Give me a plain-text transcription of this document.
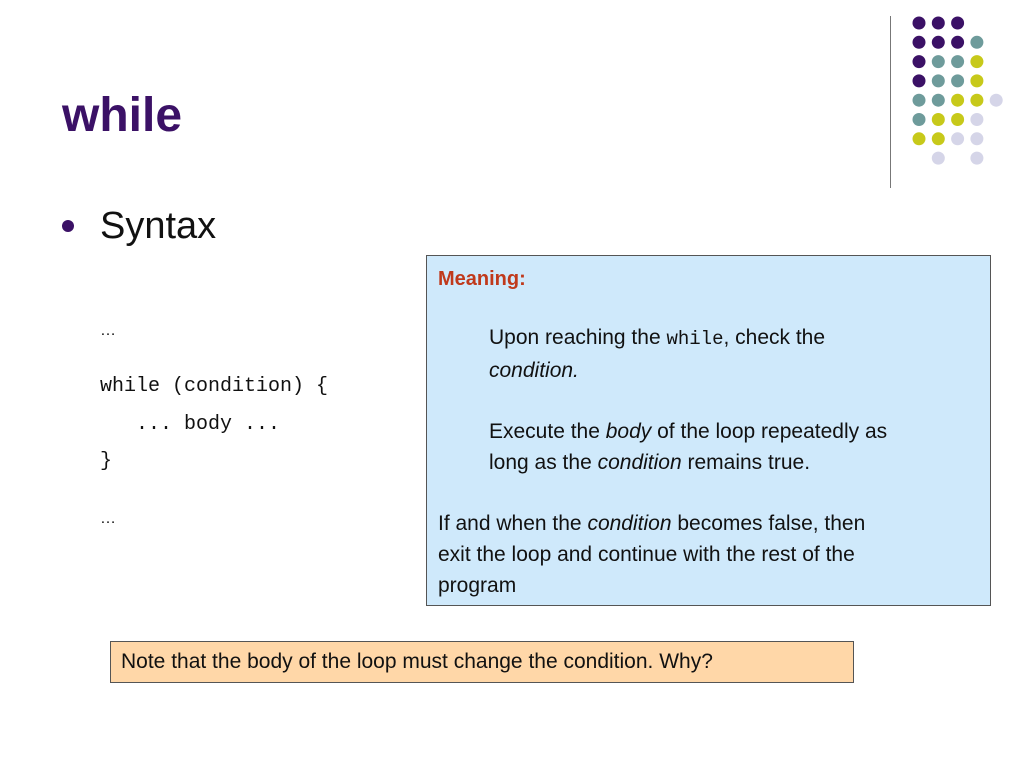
while
Syntax
…
while (condition) {
... body ...
}
…
Meaning:
Upon reaching the while, check the
condition.
Execute the body of the loop repeatedly as
long as the condition remains true.
If and when the condition becomes false, then
exit the loop and continue with the rest of the
program
Note that the body of the loop must change the condition. Why?
